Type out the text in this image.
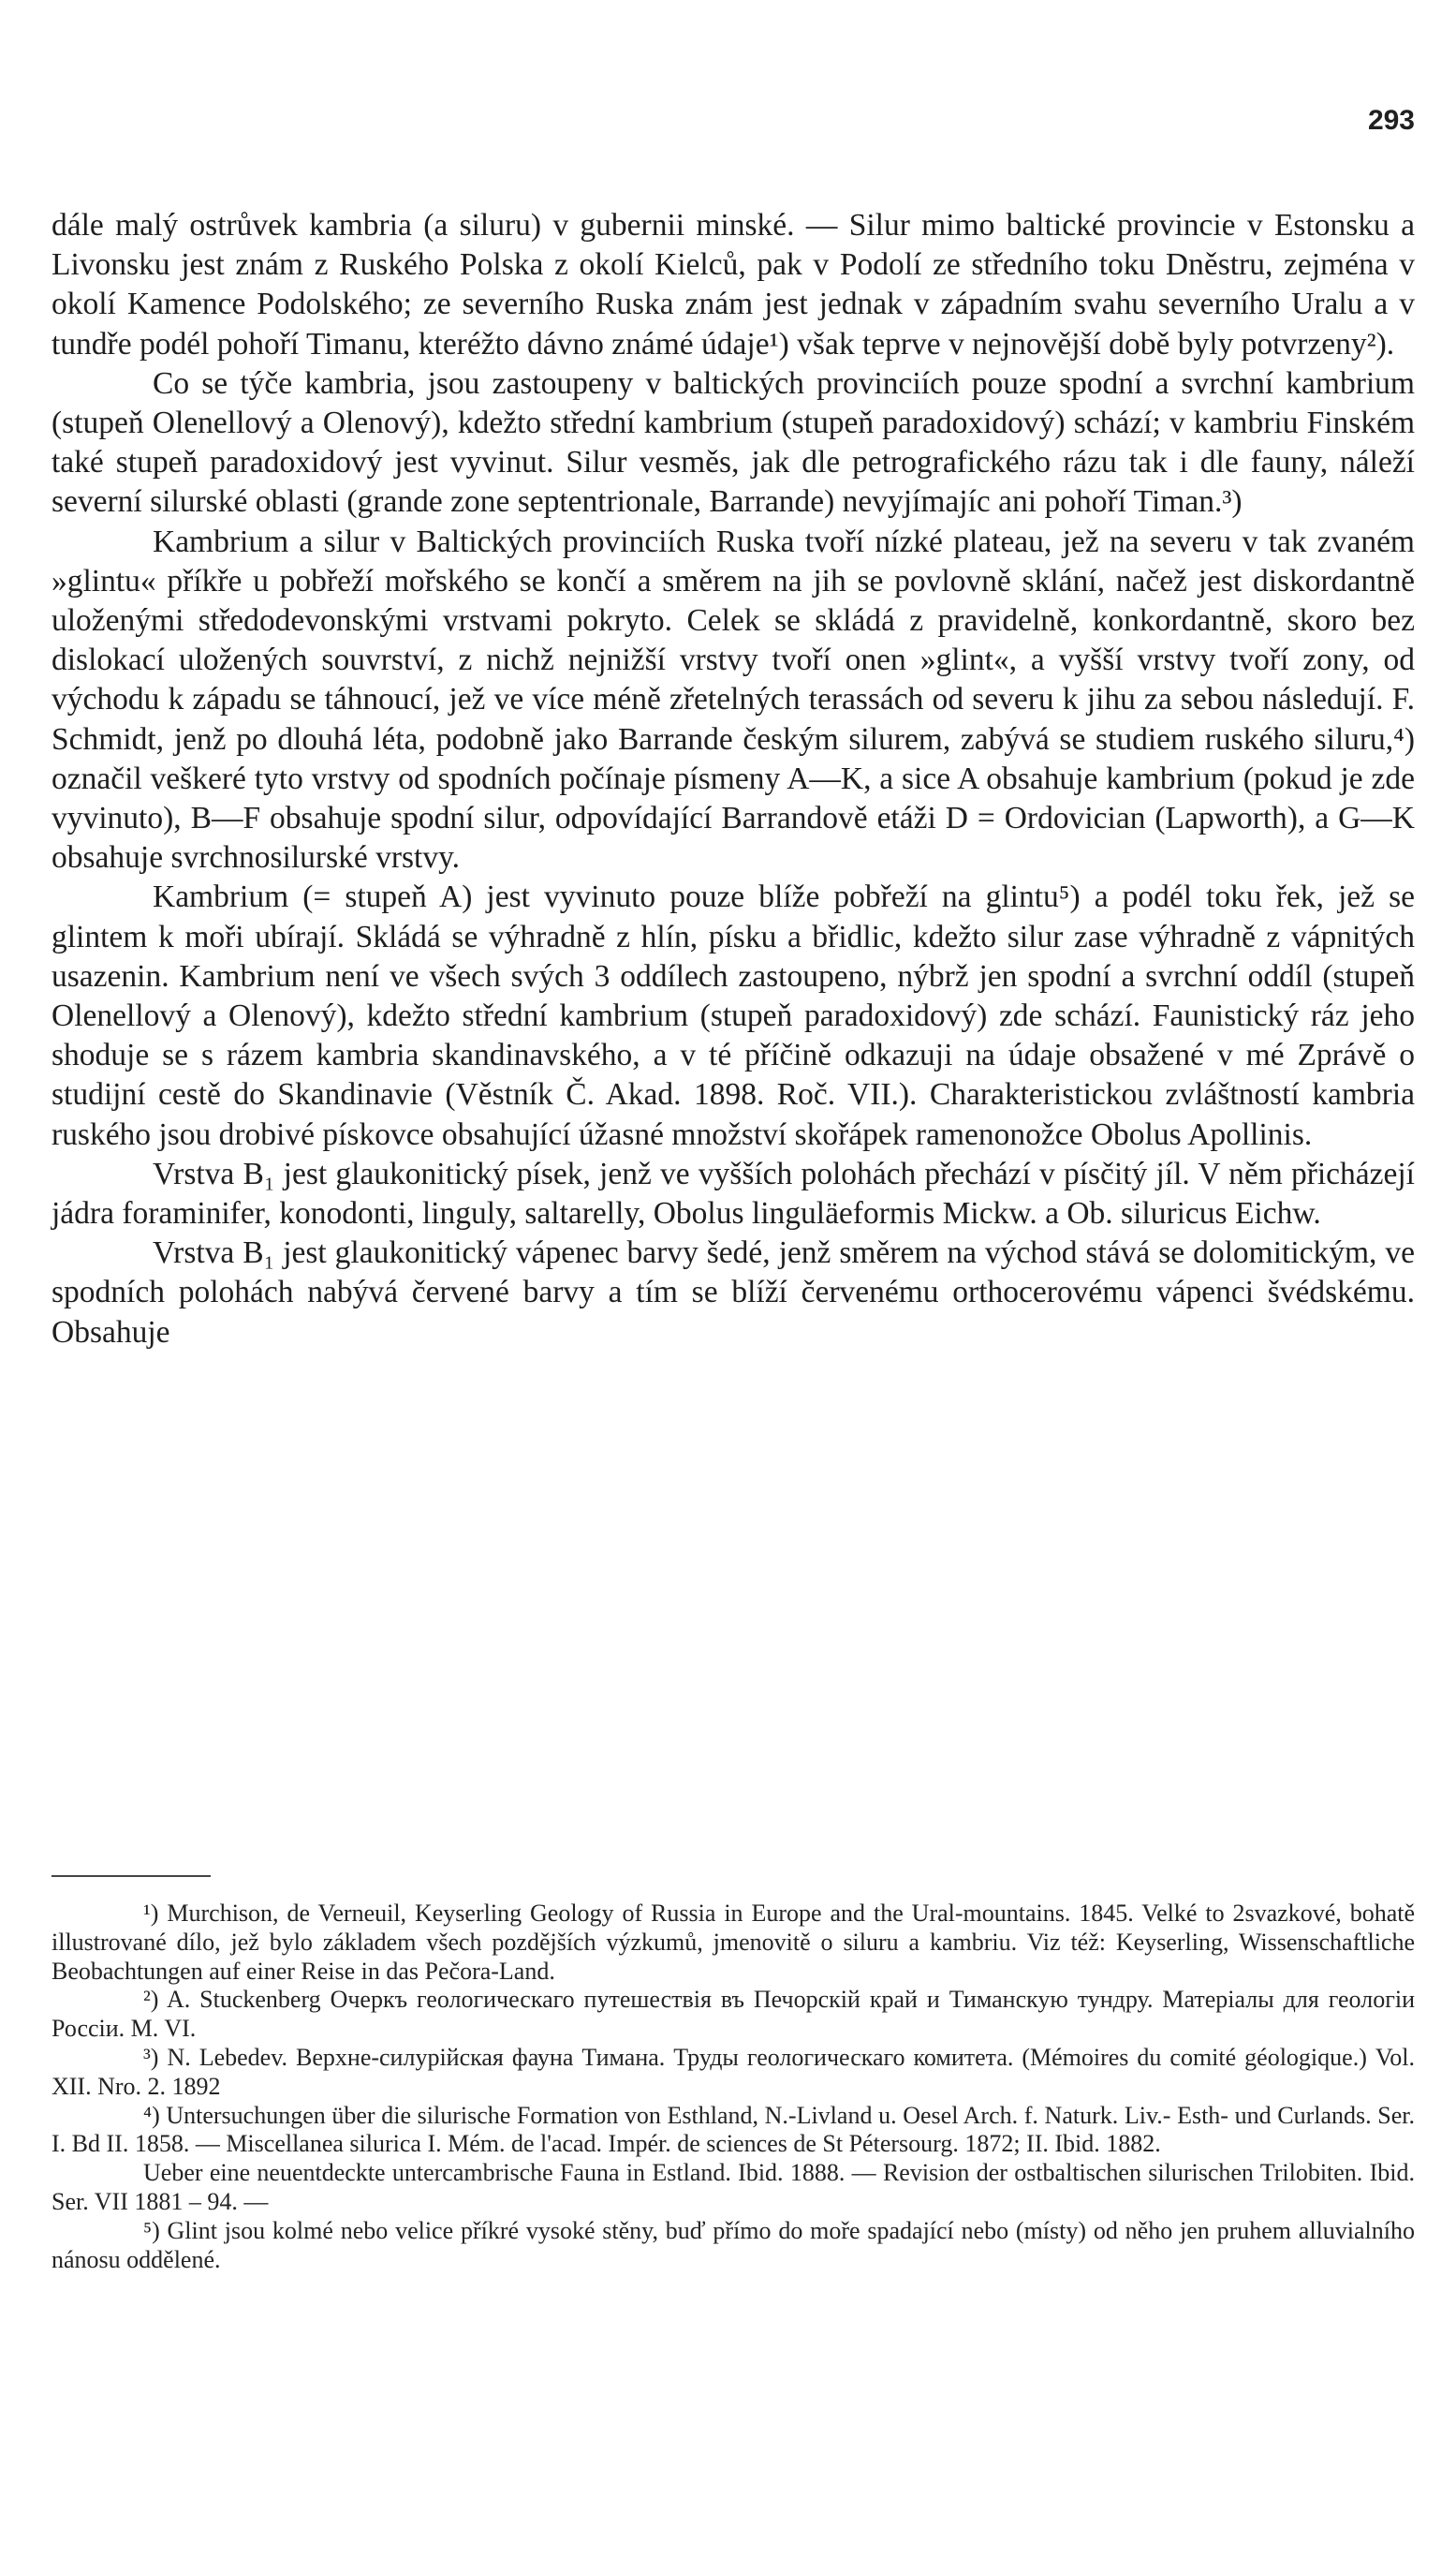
293

dále malý ostrůvek kambria (a siluru) v gubernii minské. — Silur mimo baltické provincie v Estonsku a Livonsku jest znám z Ruského Polska z okolí Kielců, pak v Podolí ze středního toku Dněstru, zejména v okolí Kamence Podolského; ze severního Ruska znám jest jednak v západním svahu severního Uralu a v tundře podél pohoří Timanu, kteréžto dávno známé údaje¹) však teprve v nejnovější době byly potvrzeny²).

Co se týče kambria, jsou zastoupeny v baltických provinciích pouze spodní a svrchní kambrium (stupeň Olenellový a Olenový), kdežto střední kambrium (stupeň paradoxidový) schází; v kambriu Finském také stupeň paradoxidový jest vyvinut. Silur vesměs, jak dle petrografického rázu tak i dle fauny, náleží severní silurské oblasti (grande zone septentrionale, Barrande) nevyjímajíc ani pohoří Timan.³)

Kambrium a silur v Baltických provinciích Ruska tvoří nízké plateau, jež na severu v tak zvaném »glintu« příkře u pobřeží mořského se končí a směrem na jih se povlovně sklání, načež jest diskordantně uloženými středodevonskými vrstvami pokryto. Celek se skládá z pravidelně, konkordantně, skoro bez dislokací uložených souvrství, z nichž nejnižší vrstvy tvoří onen »glint«, a vyšší vrstvy tvoří zony, od východu k západu se táhnoucí, jež ve více méně zřetelných terassách od severu k jihu za sebou následují. F. Schmidt, jenž po dlouhá léta, podobně jako Barrande českým silurem, zabývá se studiem ruského siluru,⁴) označil veškeré tyto vrstvy od spodních počínaje písmeny A—K, a sice A obsahuje kambrium (pokud je zde vyvinuto), B—F obsahuje spodní silur, odpovídající Barrandově etáži D = Ordovician (Lapworth), a G—K obsahuje svrchnosilurské vrstvy.

Kambrium (= stupeň A) jest vyvinuto pouze blíže pobřeží na glintu⁵) a podél toku řek, jež se glintem k moři ubírají. Skládá se výhradně z hlín, písku a břidlic, kdežto silur zase výhradně z vápnitých usazenin. Kambrium není ve všech svých 3 oddílech zastoupeno, nýbrž jen spodní a svrchní oddíl (stupeň Olenellový a Olenový), kdežto střední kambrium (stupeň paradoxidový) zde schází. Faunistický ráz jeho shoduje se s rázem kambria skandinavského, a v té příčině odkazuji na údaje obsažené v mé Zprávě o studijní cestě do Skandinavie (Věstník Č. Akad. 1898. Roč. VII.). Charakteristickou zvláštností kambria ruského jsou drobivé pískovce obsahující úžasné množství skořápek ramenonožce Obolus Apollinis.

Vrstva B₁ jest glaukonitický písek, jenž ve vyšších polohách přechází v písčitý jíl. V něm přicházejí jádra foraminifer, konodonti, linguly, saltarelly, Obolus linguläeformis Mickw. a Ob. siluricus Eichw.

Vrstva B₁ jest glaukonitický vápenec barvy šedé, jenž směrem na východ stává se dolomitickým, ve spodních polohách nabývá červené barvy a tím se blíží červenému orthocerovému vápenci švédskému. Obsahuje

¹) Murchison, de Verneuil, Keyserling Geology of Russia in Europe and the Ural-mountains. 1845. Velké to 2svazkové, bohatě illustrované dílo, jež bylo základem všech pozdějších výzkumů, jmenovitě o siluru a kambriu. Viz též: Keyserling, Wissenschaftliche Beobachtungen auf einer Reise in das Pečora-Land.

²) A. Stuckenberg Очеркъ геологическаго путешествія въ Печорскій край и Тиманскую тундру. Матеріалы для геологіи Россіи. M. VI.

³) N. Lebedev. Верхне-силурійская фауна Тимана. Труды геологическаго комитета. (Mémoires du comité géologique.) Vol. XII. Nro. 2. 1892

⁴) Untersuchungen über die silurische Formation von Esthland, N.-Livland u. Oesel Arch. f. Naturk. Liv.- Esth- und Curlands. Ser. I. Bd II. 1858. — Miscellanea silurica I. Mém. de l'acad. Impér. de sciences de St Pétersourg. 1872; II. Ibid. 1882.

Ueber eine neuentdeckte untercambrische Fauna in Estland. Ibid. 1888. — Revision der ostbaltischen silurischen Trilobiten. Ibid. Ser. VII 1881 – 94. —

⁵) Glint jsou kolmé nebo velice příkré vysoké stěny, buď přímo do moře spadající nebo (místy) od něho jen pruhem alluvialního nánosu oddělené.
